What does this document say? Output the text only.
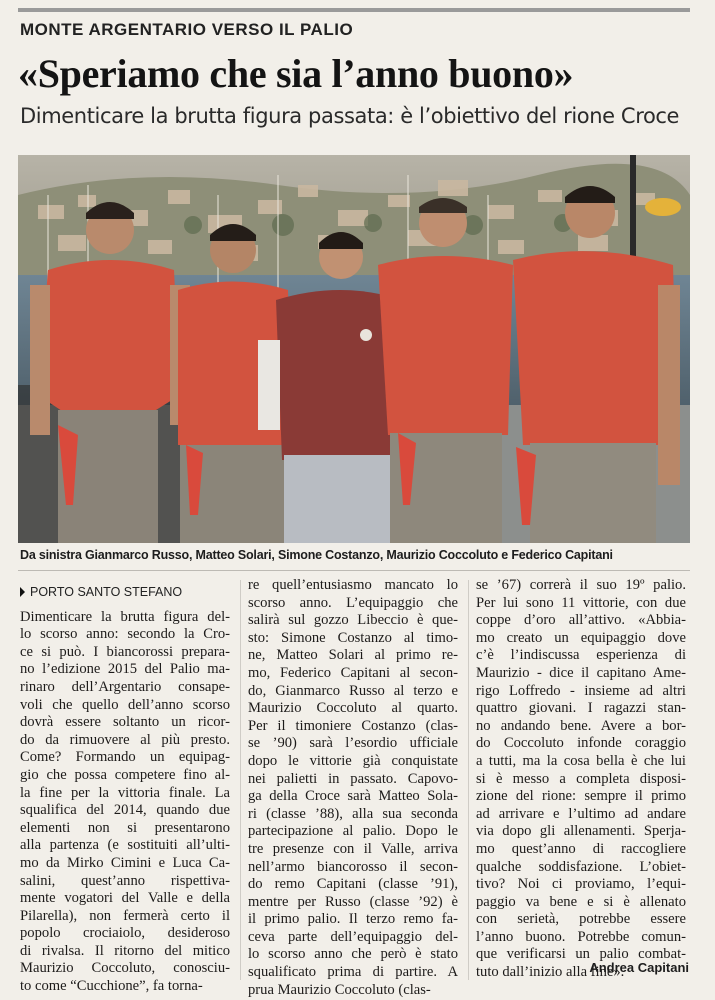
MONTE ARGENTARIO VERSO IL PALIO
«Speriamo che sia l’anno buono»
Dimenticare la brutta figura passata: è l’obiettivo del rione Croce
Da sinistra Gianmarco Russo, Matteo Solari, Simone Costanzo, Maurizio Coccoluto e Federico Capitani
PORTO SANTO STEFANO
Dimenticare la brutta figura del-
lo scorso anno: secondo la Cro-
ce si può. I biancorossi prepara-
no l’edizione 2015 del Palio ma-
rinaro dell’Argentario consape-
voli che quello dell’anno scorso
dovrà essere soltanto un ricor-
do da rimuovere al più presto.
Come? Formando un equipag-
gio che possa competere fino al-
la fine per la vittoria finale. La
squalifica del 2014, quando due
elementi non si presentarono
alla partenza (e sostituiti all’ulti-
mo da Mirko Cimini e Luca Ca-
salini, quest’anno rispettiva-
mente vogatori del Valle e della
Pilarella), non fermerà certo il
popolo crociaiolo, desideroso
di rivalsa. Il ritorno del mitico
Maurizio Coccoluto, conosciu-
to come “Cucchione”, fa torna-
re quell’entusiasmo mancato lo
scorso anno. L’equipaggio che
salirà sul gozzo Libeccio è que-
sto: Simone Costanzo al timo-
ne, Matteo Solari al primo re-
mo, Federico Capitani al secon-
do, Gianmarco Russo al terzo e
Maurizio Coccoluto al quarto.
Per il timoniere Costanzo (clas-
se ’90) sarà l’esordio ufficiale
dopo le vittorie già conquistate
nei palietti in passato. Capovo-
ga della Croce sarà Matteo Sola-
ri (classe ’88), alla sua seconda
partecipazione al palio. Dopo le
tre presenze con il Valle, arriva
nell’armo biancorosso il secon-
do remo Capitani (classe ’91),
mentre per Russo (classe ’92) è
il primo palio. Il terzo remo fa-
ceva parte dell’equipaggio del-
lo scorso anno che però è stato
squalificato prima di partire. A
prua Maurizio Coccoluto (clas-
se ’67) correrà il suo 19º palio.
Per lui sono 11 vittorie, con due
coppe d’oro all’attivo. «Abbia-
mo creato un equipaggio dove
c’è l’indiscussa esperienza di
Maurizio - dice il capitano Ame-
rigo Loffredo - insieme ad altri
quattro giovani. I ragazzi stan-
no andando bene. Avere a bor-
do Coccoluto infonde coraggio
a tutti, ma la cosa bella è che lui
si è messo a completa disposi-
zione del rione: sempre il primo
ad arrivare e l’ultimo ad andare
via dopo gli allenamenti. Sperja-
mo quest’anno di raccogliere
qualche soddisfazione. L’obiet-
tivo? Noi ci proviamo, l’equi-
paggio va bene e si è allenato
con serietà, potrebbe essere
l’anno buono. Potrebbe comun-
que verificarsi un palio combat-
tuto dall’inizio alla fine».
Andrea Capitani
